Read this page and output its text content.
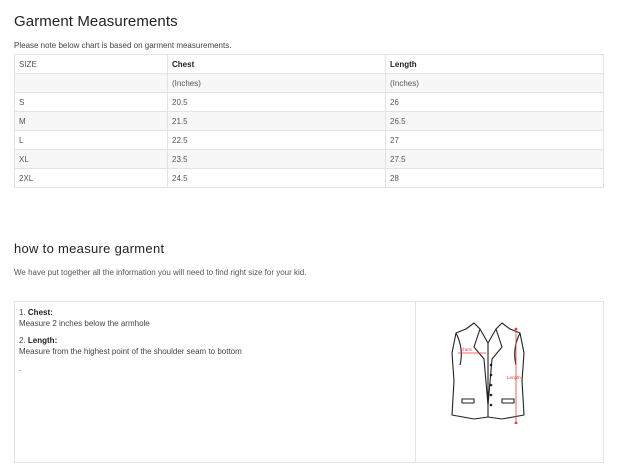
Garment Measurements
Please note below chart is based on garment measurements.
SIZE	Chest	Length
	(Inches)	(Inches)
S	20.5	26
M	21.5	26.5
L	22.5	27
XL	23.5	27.5
2XL	24.5	28
how to measure garment
We have put together all the information you will need to find right size for your kid.
1. Chest:
Measure 2 inches below the armhole
2. Length:
Measure from the highest point of the shoulder seam to bottom
.
Chest
Length
